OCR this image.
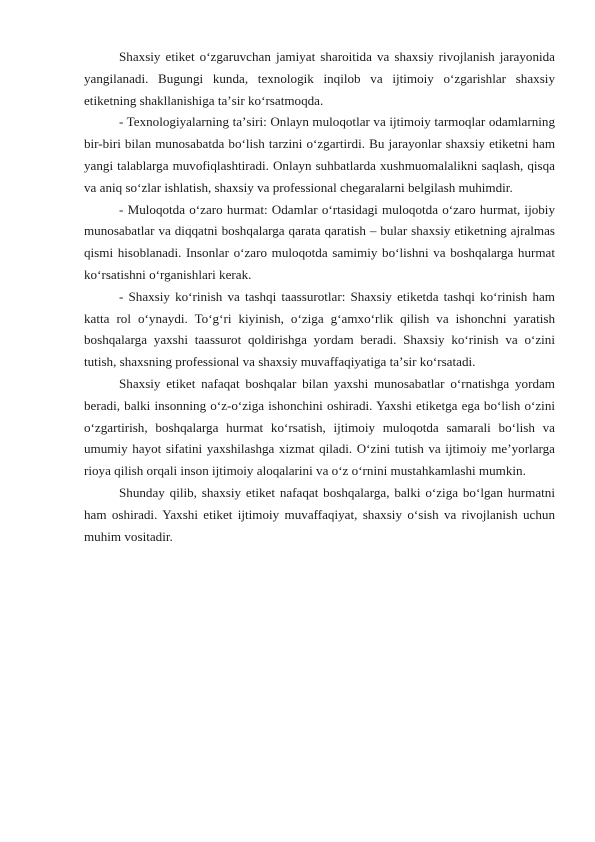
Shaxsiy etiket o‘zgaruvchan jamiyat sharoitida va shaxsiy rivojlanish jarayonida yangilanadi. Bugungi kunda, texnologik inqilob va ijtimoiy o‘zgarishlar shaxsiy etiketning shakllanishiga taʼsir koʻrsatmoqda.

- Texnologiyalarning taʼsiri: Onlayn muloqotlar va ijtimoiy tarmoqlar odamlarning bir-biri bilan munosabatda boʻlish tarzini oʻzgartirdi. Bu jarayonlar shaxsiy etiketni ham yangi talablarga muvofiqlashtiradi. Onlayn suhbatlarda xushmuomalalikni saqlash, qisqa va aniq soʻzlar ishlatish, shaxsiy va professional chegaralarni belgilash muhimdir.

- Muloqotda oʻzaro hurmat: Odamlar oʻrtasidagi muloqotda oʻzaro hurmat, ijobiy munosabatlar va diqqatni boshqalarga qarata qaratish – bular shaxsiy etiketning ajralmas qismi hisoblanadi. Insonlar oʻzaro muloqotda samimiy boʻlishni va boshqalarga hurmat koʻrsatishni oʻrganishlari kerak.

- Shaxsiy koʻrinish va tashqi taassurotlar: Shaxsiy etiketda tashqi koʻrinish ham katta rol oʻynaydi. Toʻgʻri kiyinish, oʻziga gʻamxoʻrlik qilish va ishonchni yaratish boshqalarga yaxshi taassurot qoldirishga yordam beradi. Shaxsiy koʻrinish va oʻzini tutish, shaxsning professional va shaxsiy muvaffaqiyatiga taʼsir koʻrsatadi.

Shaxsiy etiket nafaqat boshqalar bilan yaxshi munosabatlar oʻrnatishga yordam beradi, balki insonning oʻz-oʻziga ishonchini oshiradi. Yaxshi etiketga ega boʻlish oʻzini oʻzgartirish, boshqalarga hurmat koʻrsatish, ijtimoiy muloqotda samarali boʻlish va umumiy hayot sifatini yaxshilashga xizmat qiladi. Oʻzini tutish va ijtimoiy meʼyorlarga rioya qilish orqali inson ijtimoiy aloqalarini va oʻz oʻrnini mustahkamlashi mumkin.

Shunday qilib, shaxsiy etiket nafaqat boshqalarga, balki oʻziga boʻlgan hurmatni ham oshiradi. Yaxshi etiket ijtimoiy muvaffaqiyat, shaxsiy oʻsish va rivojlanish uchun muhim vositadir.
